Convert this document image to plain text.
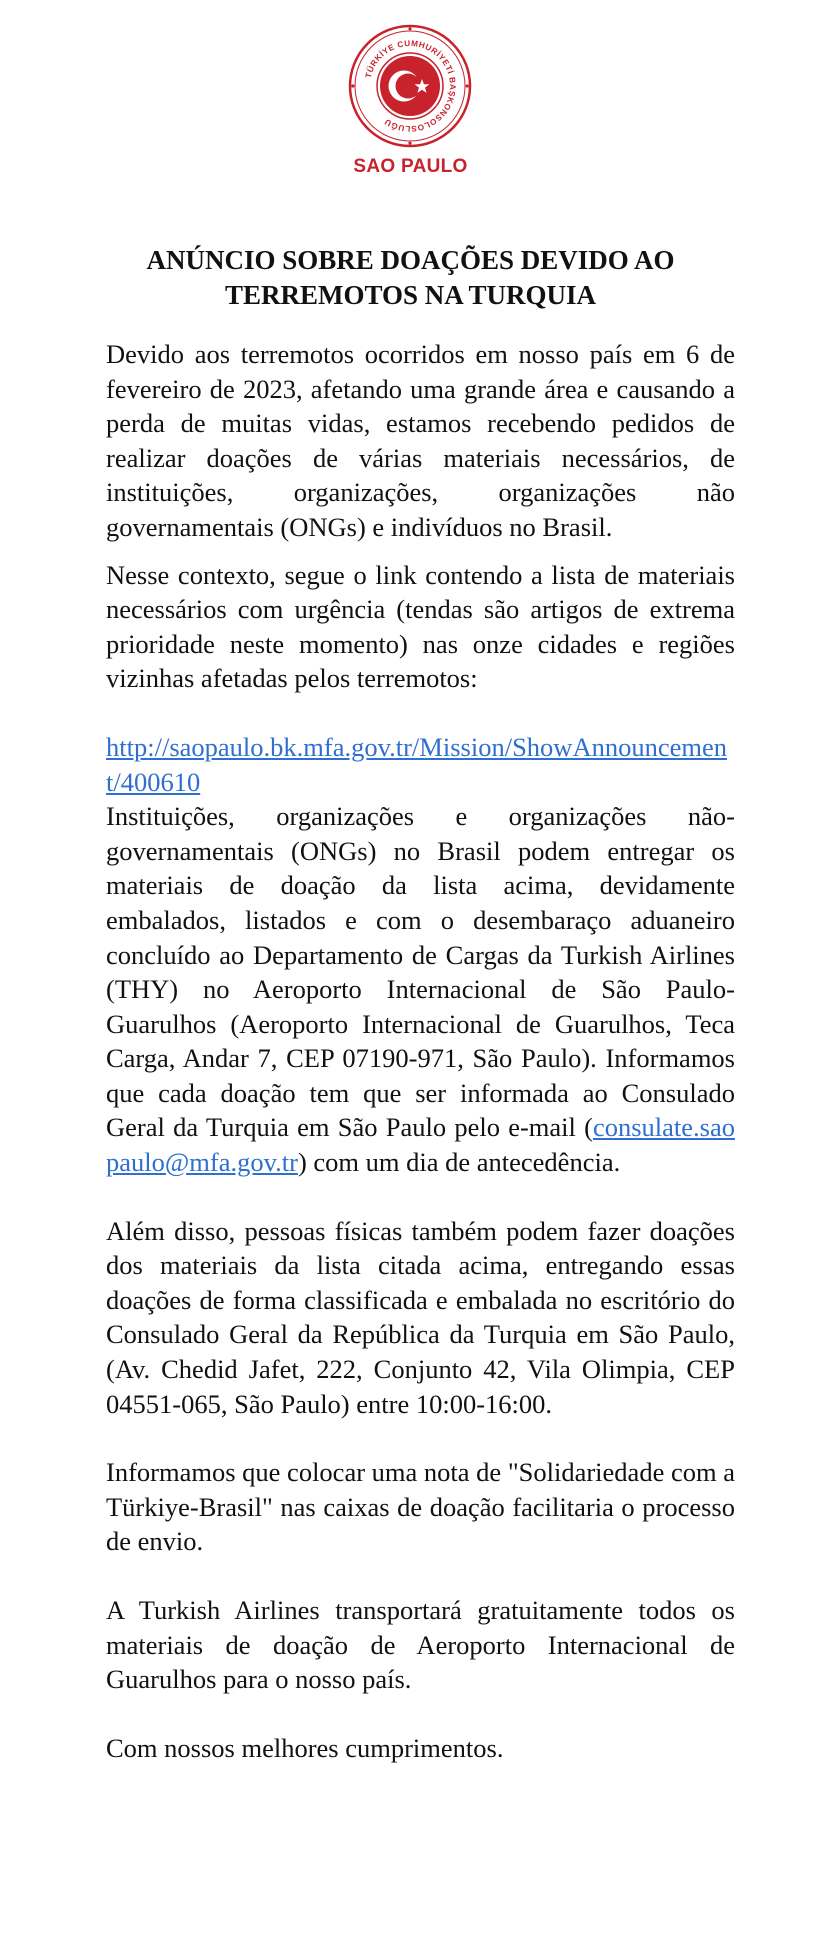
TÜRKİYE CUMHURİYETİ BAŞKONSOLOSLUĞU
SAO PAULO
ANÚNCIO SOBRE DOAÇÕES DEVIDO AO
TERREMOTOS NA TURQUIA

Devido aos terremotos ocorridos em nosso país em 6 de fevereiro de 2023, afetando uma grande área e causando a perda de muitas vidas, estamos recebendo pedidos de realizar doações de várias materiais necessários, de instituições, organizações, organizações não governamentais (ONGs) e indivíduos no Brasil.

Nesse contexto, segue o link contendo a lista de materiais necessários com urgência (tendas são artigos de extrema prioridade neste momento) nas onze cidades e regiões vizinhas afetadas pelos terremotos:

http://saopaulo.bk.mfa.gov.tr/Mission/ShowAnnouncement/400610

Instituições, organizações e organizações não-governamentais (ONGs) no Brasil podem entregar os materiais de doação da lista acima, devidamente embalados, listados e com o desembaraço aduaneiro concluído ao Departamento de Cargas da Turkish Airlines (THY) no Aeroporto Internacional de São Paulo-Guarulhos (Aeroporto Internacional de Guarulhos, Teca Carga, Andar 7, CEP 07190-971, São Paulo). Informamos que cada doação tem que ser informada ao Consulado Geral da Turquia em São Paulo pelo e-mail (consulate.saopaulo@mfa.gov.tr) com um dia de antecedência.

Além disso, pessoas físicas também podem fazer doações dos materiais da lista citada acima, entregando essas doações de forma classificada e embalada no escritório do Consulado Geral da República da Turquia em São Paulo, (Av. Chedid Jafet, 222, Conjunto 42, Vila Olimpia, CEP 04551-065, São Paulo) entre 10:00-16:00.

Informamos que colocar uma nota de "Solidariedade com a Türkiye-Brasil" nas caixas de doação facilitaria o processo de envio.

A Turkish Airlines transportará gratuitamente todos os materiais de doação de Aeroporto Internacional de Guarulhos para o nosso país.

Com nossos melhores cumprimentos.
